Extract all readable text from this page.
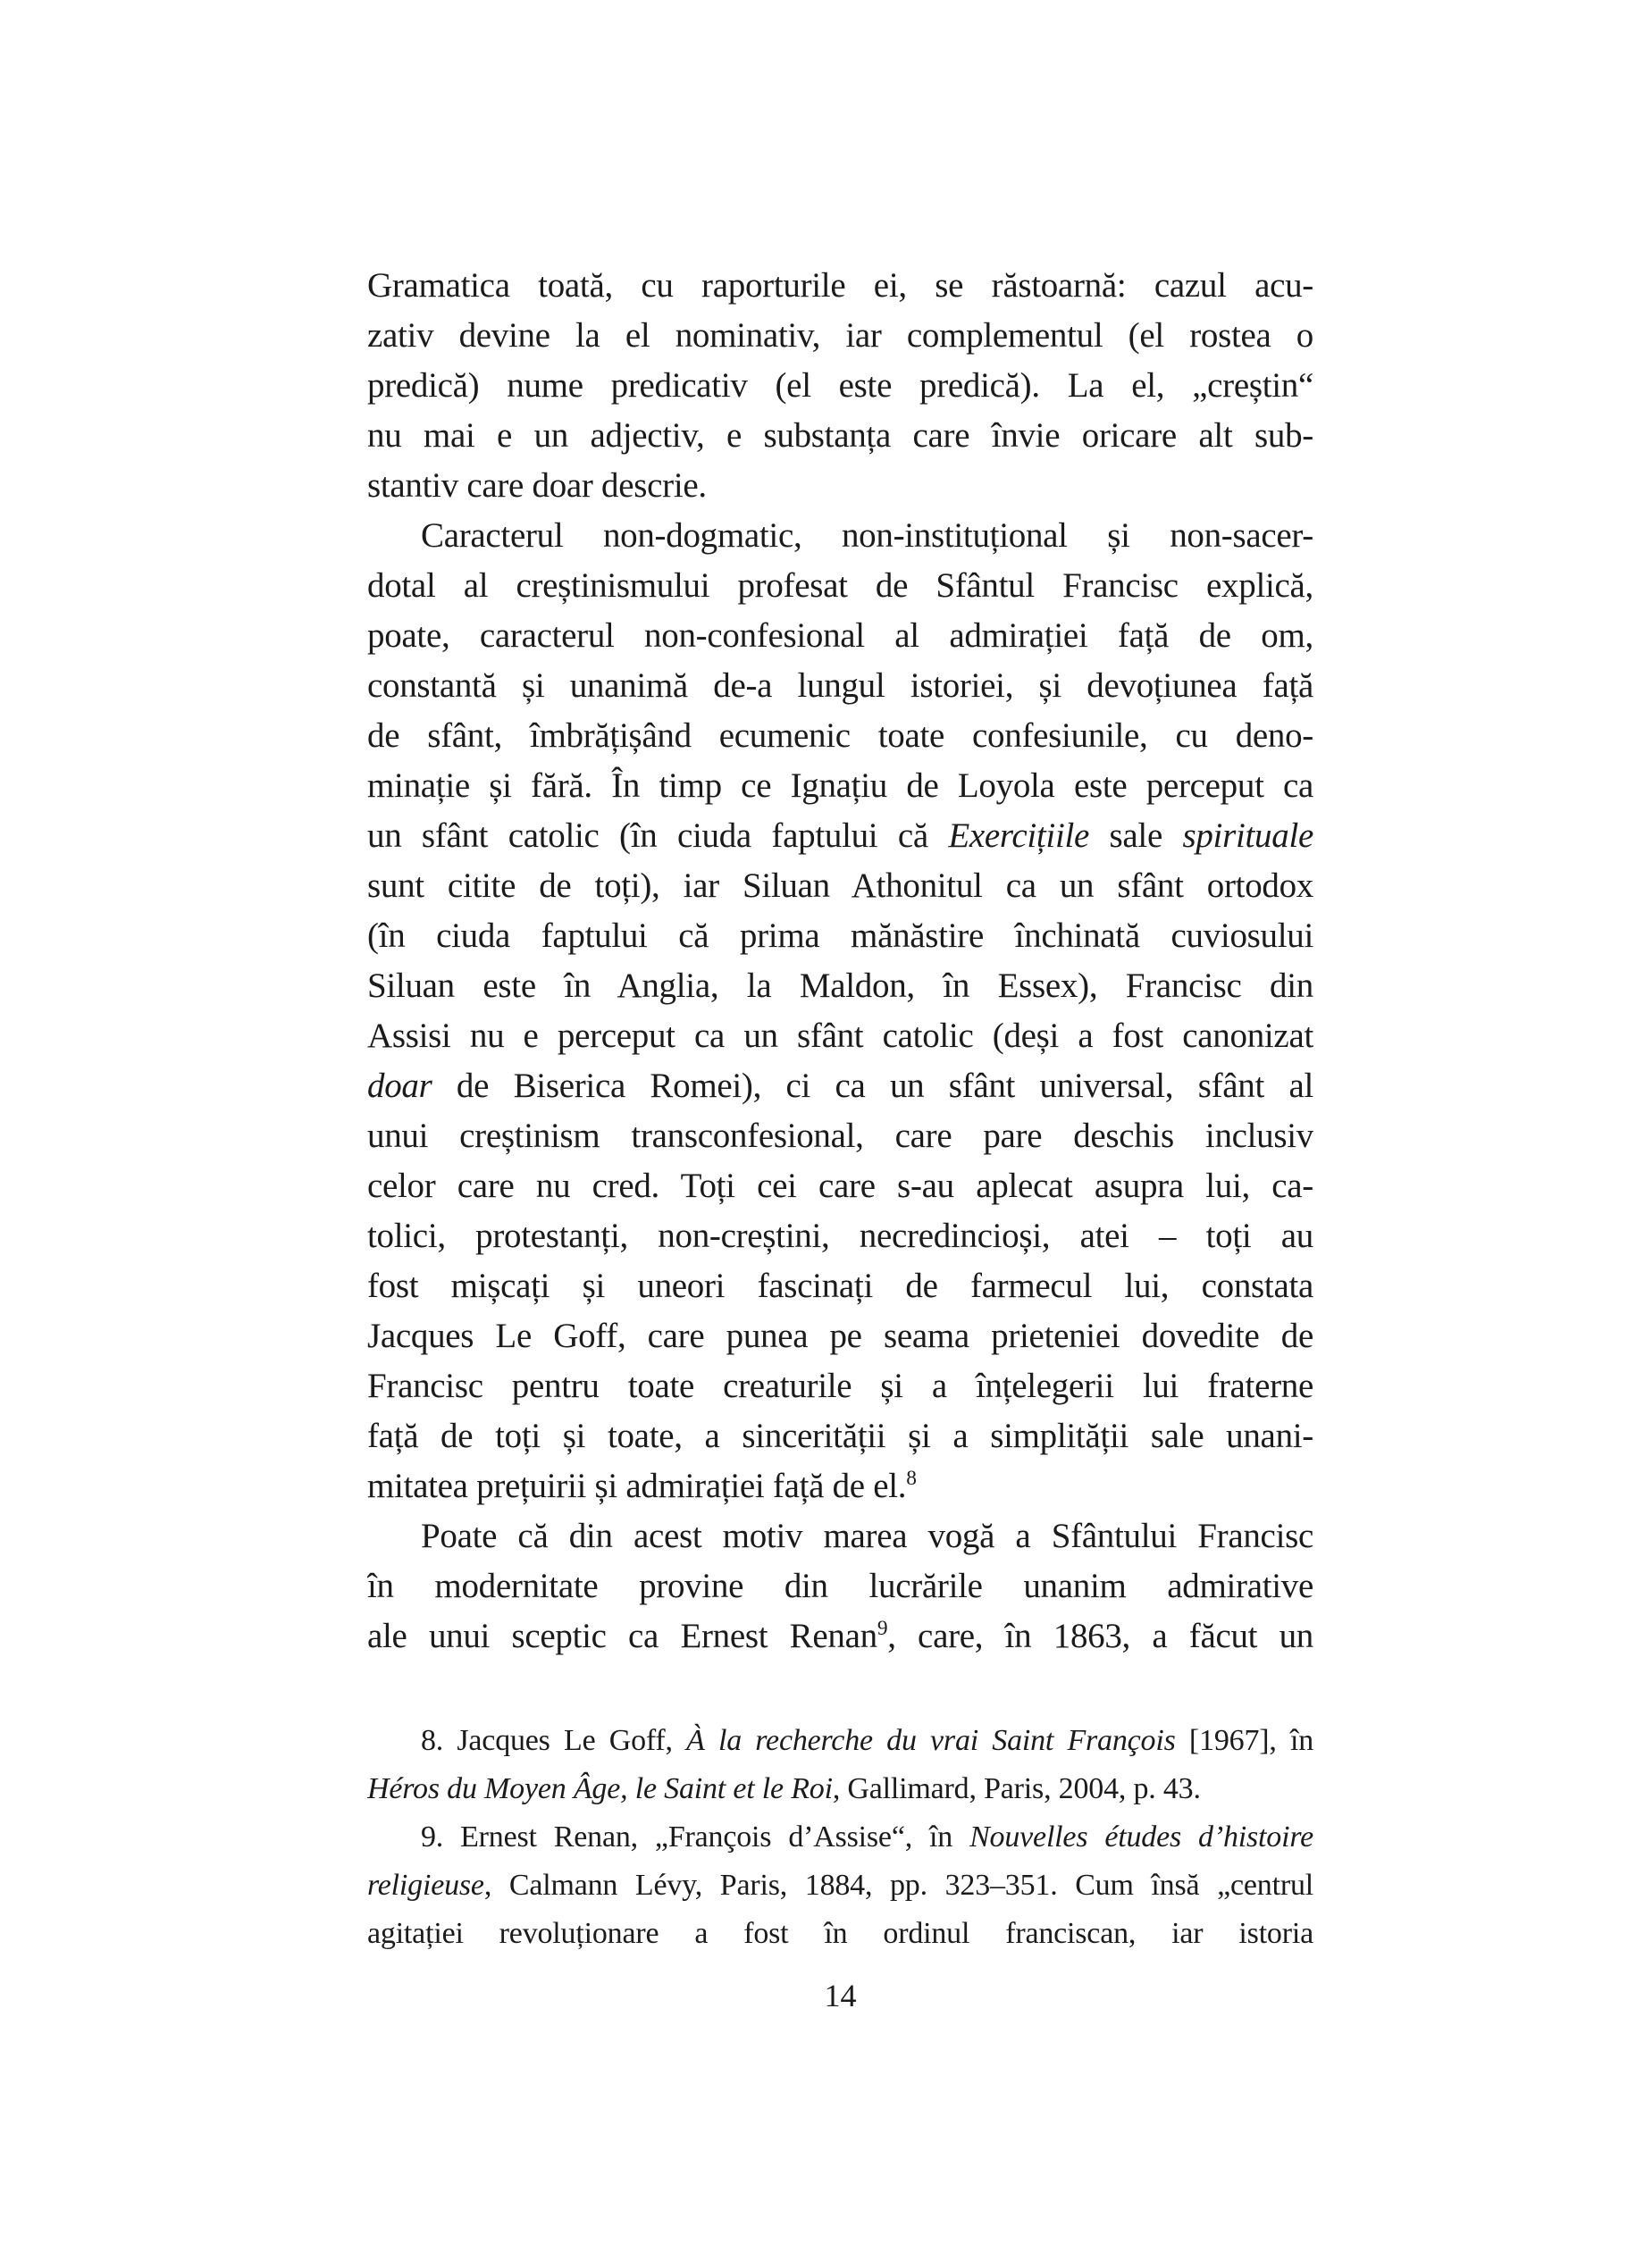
Gramatica toată, cu raporturile ei, se răstoarnă: cazul acu-
zativ devine la el nominativ, iar complementul (el rostea o
predică) nume predicativ (el este predică). La el, „creștin“
nu mai e un adjectiv, e substanța care învie oricare alt sub-
stantiv care doar descrie.
Caracterul non-dogmatic, non-instituțional și non-sacer-
dotal al creștinismului profesat de Sfântul Francisc explică,
poate, caracterul non-confesional al admirației față de om,
constantă și unanimă de-a lungul istoriei, și devoțiunea față
de sfânt, îmbrățișând ecumenic toate confesiunile, cu deno-
minație și fără. În timp ce Ignațiu de Loyola este perceput ca
un sfânt catolic (în ciuda faptului că Exercițiile sale spirituale
sunt citite de toți), iar Siluan Athonitul ca un sfânt ortodox
(în ciuda faptului că prima mănăstire închinată cuviosului
Siluan este în Anglia, la Maldon, în Essex), Francisc din
Assisi nu e perceput ca un sfânt catolic (deși a fost canonizat
doar de Biserica Romei), ci ca un sfânt universal, sfânt al
unui creștinism transconfesional, care pare deschis inclusiv
celor care nu cred. Toți cei care s-au aplecat asupra lui, ca-
tolici, protestanți, non-creștini, necredincioși, atei – toți au
fost mișcați și uneori fascinați de farmecul lui, constata
Jacques Le Goff, care punea pe seama prieteniei dovedite de
Francisc pentru toate creaturile și a înțelegerii lui fraterne
față de toți și toate, a sincerității și a simplității sale unani-
mitatea prețuirii și admirației față de el.$^8$
Poate că din acest motiv marea vogă a Sfântului Francisc
în modernitate provine din lucrările unanim admirative
ale unui sceptic ca Ernest Renan$^9$, care, în 1863, a făcut un
8. Jacques Le Goff, À la recherche du vrai Saint François [1967], în
Héros du Moyen Âge, le Saint et le Roi, Gallimard, Paris, 2004, p. 43.
9. Ernest Renan, „François d’Assise“, în Nouvelles études d’histoire
religieuse, Calmann Lévy, Paris, 1884, pp. 323–351. Cum însă „centrul
agitației revoluționare a fost în ordinul franciscan, iar istoria
14
